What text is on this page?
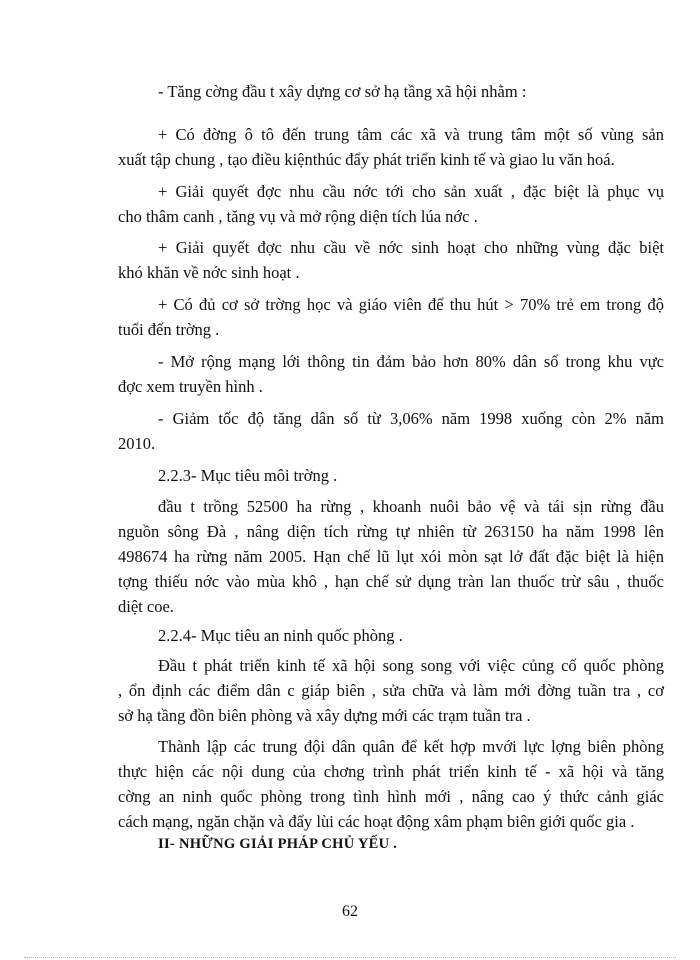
- Tăng cờng đầu t xây dựng cơ sở hạ tầng xã hội nhằm :

+ Có đờng ô tô đến trung tâm các xã và trung tâm một số vùng sản
xuất tập chung , tạo điều kiệnthúc đẩy phát triển kinh tế và giao lu văn hoá.

+ Giải quyết đợc nhu cầu nớc tới cho sản xuất , đặc biệt là phục vụ
cho thâm canh , tăng vụ và mở rộng diện tích lúa nớc .

+ Giải quyết đợc nhu cầu về nớc sinh hoạt cho những vùng đặc biệt
khó khăn về nớc sinh hoạt .

+ Có đủ cơ sở trờng học và giáo viên để thu hút > 70% trẻ em trong độ
tuổi đến trờng .

- Mở rộng mạng lới thông tin đảm bảo hơn 80% dân số trong khu vực
đợc xem truyền hình .

- Giảm tốc độ tăng dân số từ 3,06% năm 1998 xuống còn 2% năm
2010.

2.2.3- Mục tiêu môi trờng .

đầu t trồng 52500 ha rừng , khoanh nuôi bảo vệ và tái sịn rừng đầu
nguồn sông Đà , nâng diện tích rừng tự nhiên từ 263150 ha năm 1998 lên
498674 ha rừng năm 2005. Hạn chế lũ lụt xói mòn sạt lở đất đặc biệt là hiện
tợng thiếu nớc vào mùa khô , hạn chế sử dụng tràn lan thuốc trừ sâu , thuốc
diệt coe.

2.2.4- Mục tiêu an ninh quốc phòng .

Đầu t phát triển kinh tế xã hội song song với việc củng cố quốc phòng
, ổn định các điểm dân c giáp biên , sửa chữa và làm mới đờng tuần tra , cơ
sở hạ tầng đồn biên phòng và xây dựng mới các trạm tuần tra .

Thành lập các trung đội dân quân để kết hợp mvới lực lợng biên phòng
thực hiện các nội dung của chơng trình phát triển kinh tế - xã hội và tăng
cờng an ninh quốc phòng trong tình hình mới , nâng cao ý thức cảnh giác
cách mạng, ngăn chặn và đẩy lùi các hoạt động xâm phạm biên giới quốc gia .

II- NHỮNG GIẢI PHÁP CHỦ YẾU .

62
